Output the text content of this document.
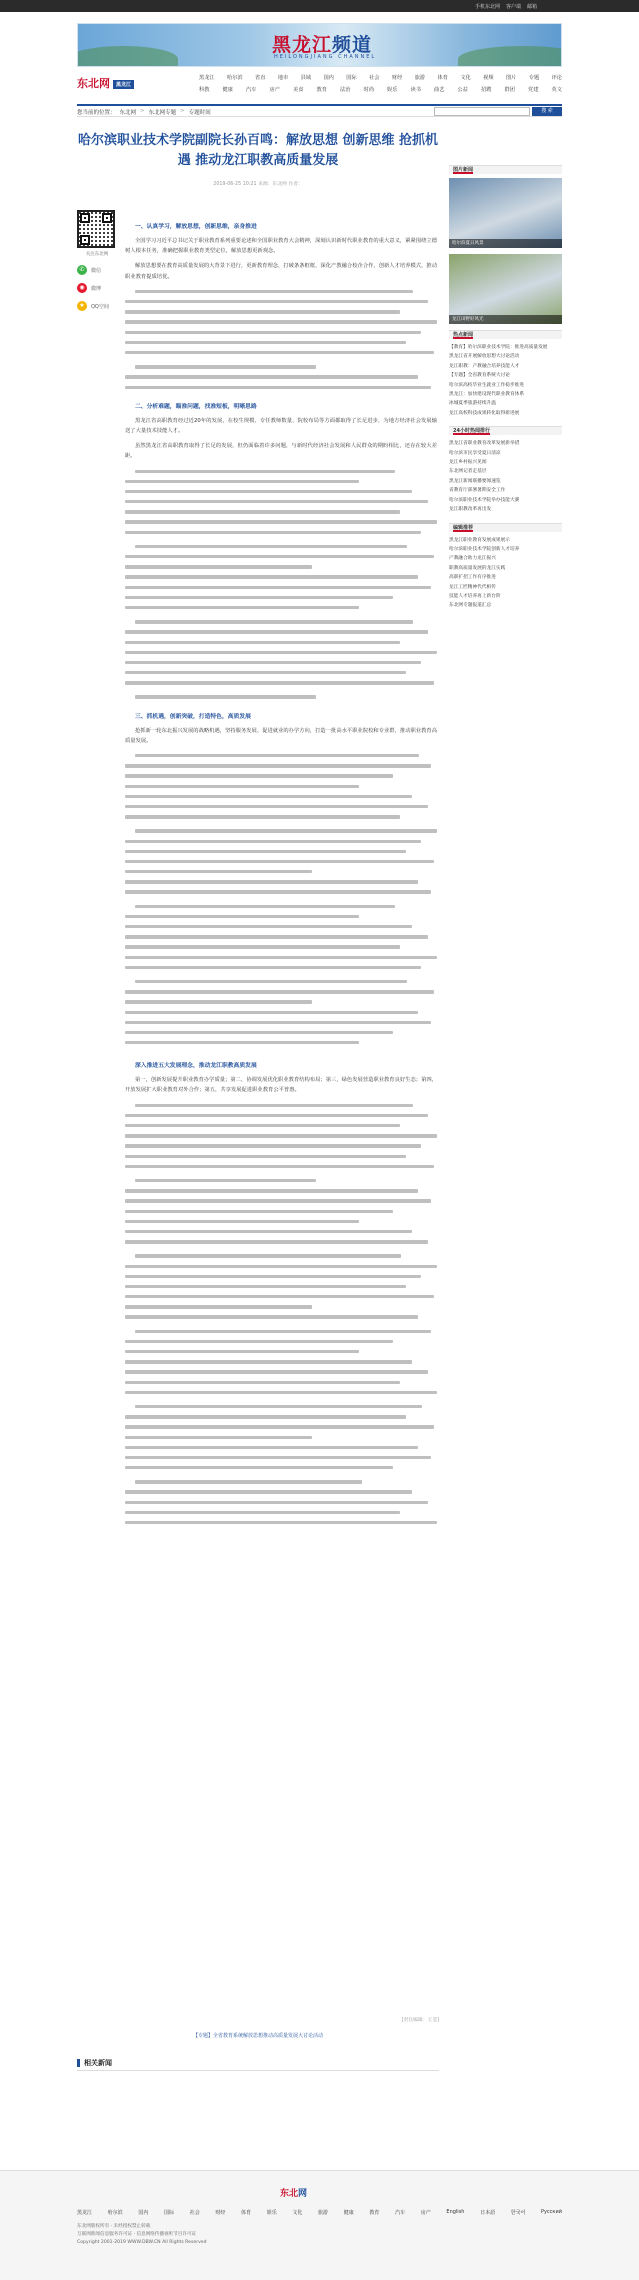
手机东北网 客户端 邮箱
黑龙江频道
HEILONGJIANG CHANNEL
东北网 黑龙江
黑龙江 哈尔滨 省直 地市 县域 国内 国际 社会 财经 旅游 体育 文化 视频 图片 专题 评论
科教	健康	汽车	房产	美食	教育	法治	时尚	娱乐	读书	曲艺	公益	招聘	群团	党建	英文
您当前的位置： 东北网 > 东北网专题 > 专题时间	搜 索
哈尔滨职业技术学院副院长孙百鸣：解放思想 创新思维 抢抓机遇 推动龙江职教高质量发展
2019-06-25 10:21 来源：东北网 作者：
关注东北网
✆	微信
◉	微博
★	QQ空间
一、认真学习，解放思想，创新思维，亲身推进

全国学习习近平总书记关于职业教育系列重要论述和全国职业教育大会精神，深刻认识新时代职业教育的重大意义，紧紧围绕立德树人根本任务，准确把握职业教育类型定位，解放思想更新观念。

解放思想要在教育高质量发展的大背景下进行，更新教育理念，打破条条框框，深化产教融合校企合作，创新人才培养模式，推动职业教育提质培优。

二、分析难题，瞄准问题，找准短板，明晰思路

黑龙江省高职教育经过近20年的发展，在校生规模、专任教师数量、院校布局等方面都取得了长足进步，为地方经济社会发展输送了大量技术技能人才。

虽然黑龙江省高职教育取得了长足的发展，但仍面临着许多问题，与新时代经济社会发展和人民群众的期盼相比，还存在较大差距。

三、抓机遇，创新突破，打造特色，高质发展

抢抓新一轮东北振兴发展的战略机遇，坚持服务发展、促进就业的办学方向，打造一批高水平职业院校和专业群，推动职业教育高质量发展。

深入推进五大发展理念，推动龙江职教高质发展

第一，创新发展提升职业教育办学质量；第二，协调发展优化职业教育结构布局；第三，绿色发展营造职业教育良好生态；第四，开放发展扩大职业教育对外合作；第五，共享发展促进职业教育公平普惠。

[责任编辑：王莹]
【专题】全省教育系统解放思想推动高质量发展大讨论活动
相关新闻
图片新闻
哈尔滨夏日风景
龙江田野好风光
热点新闻
【教育】哈尔滨职业技术学院：推进高质量发展
黑龙江省开展解放思想大讨论活动
龙江职教：产教融合培养技能人才
【专题】全省教育系统大讨论
哈尔滨高校毕业生就业工作稳步推进
黑龙江：加快建设现代职业教育体系
冰城夏季旅游持续升温
龙江高校科技成果转化取得新进展
24小时热闻排行
黑龙江省职业教育改革发展新举措
哈尔滨市民享受夏日清凉
龙江乡村振兴见闻
东北网记者走基层
黑龙江新闻联播要闻速览
省教育厅部署暑期安全工作
哈尔滨职业技术学院举办技能大赛
龙江职教改革再出发
编辑推荐
黑龙江职业教育发展成果展示
哈尔滨职业技术学院创新人才培养
产教融合助力龙江振兴
职教高质量发展的龙江实践
高职扩招工作有序推进
龙江工匠精神代代相传
技能人才培养再上新台阶
东北网专题报道汇总
东北网
黑龙江	哈尔滨	国内	国际	社会	财经	体育	娱乐	文化	旅游	健康	教育	汽车	房产	English	日本語	한국어	Русский
东北网版权所有 · 未经授权禁止转载
互联网新闻信息服务许可证 · 信息网络传播视听节目许可证
Copyright 2001-2019 WWW.DBW.CN All Rights Reserved
